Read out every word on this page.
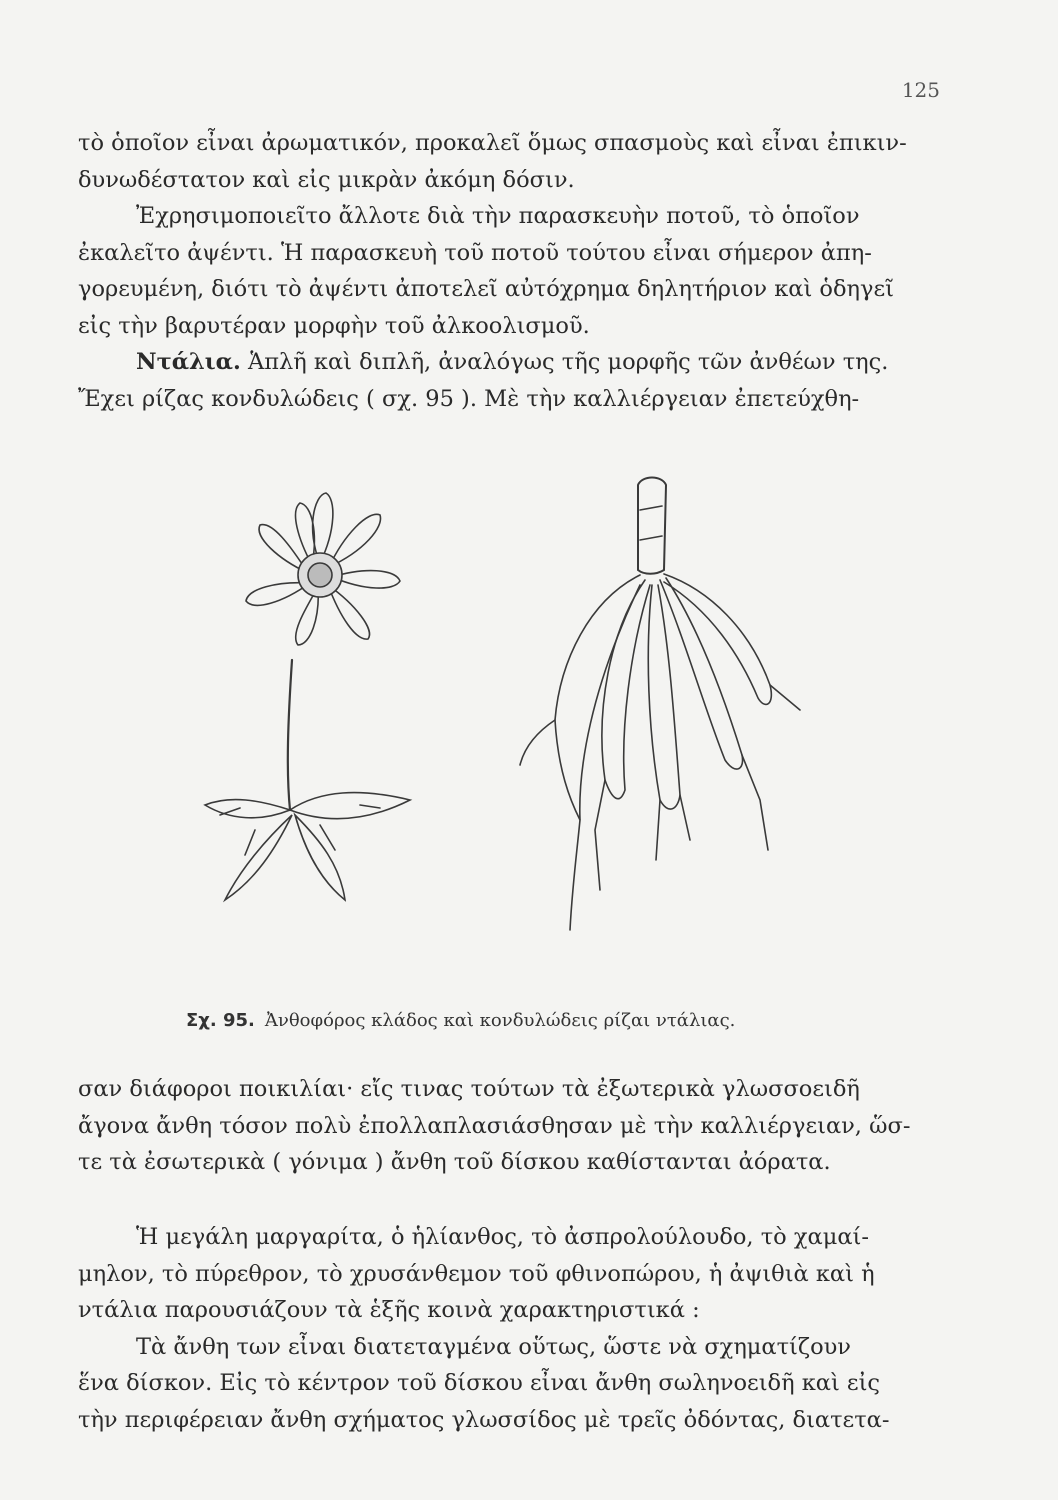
125

τὸ ὁποῖον εἶναι ἀρωματικόν, προκαλεῖ ὅμως σπασμοὺς καὶ εἶναι ἐπικιν-
δυνωδέστατον καὶ εἰς μικρὰν ἀκόμη δόσιν.

Ἐχρησιμοποιεῖτο ἄλλοτε διὰ τὴν παρασκευὴν ποτοῦ, τὸ ὁποῖον
ἐκαλεῖτο ἀψέντι. Ἡ παρασκευὴ τοῦ ποτοῦ τούτου εἶναι σήμερον ἀπη-
γορευμένη, διότι τὸ ἀψέντι ἀποτελεῖ αὐτόχρημα δηλητήριον καὶ ὁδηγεῖ
εἰς τὴν βαρυτέραν μορφὴν τοῦ ἀλκοολισμοῦ.

Ντάλια. Ἁπλῆ καὶ διπλῆ, ἀναλόγως τῆς μορφῆς τῶν ἀνθέων της.
Ἔχει ρίζας κονδυλώδεις ( σχ. 95 ). Μὲ τὴν καλλιέργειαν ἐπετεύχθη-

Σχ. 95. Ἀνθοφόρος κλάδος καὶ κονδυλώδεις ρίζαι ντάλιας.

σαν διάφοροι ποικιλίαι· εἴς τινας τούτων τὰ ἐξωτερικὰ γλωσσοειδῆ
ἄγονα ἄνθη τόσον πολὺ ἐπολλαπλασιάσθησαν μὲ τὴν καλλιέργειαν, ὥσ-
τε τὰ ἐσωτερικὰ ( γόνιμα ) ἄνθη τοῦ δίσκου καθίστανται ἀόρατα.

Ἡ μεγάλη μαργαρίτα, ὁ ἡλίανθος, τὸ ἀσπρολούλουδο, τὸ χαμαί-
μηλον, τὸ πύρεθρον, τὸ χρυσάνθεμον τοῦ φθινοπώρου, ἡ ἀψιθιὰ καὶ ἡ
ντάλια παρουσιάζουν τὰ ἑξῆς κοινὰ χαρακτηριστικά :

Τὰ ἄνθη των εἶναι διατεταγμένα οὕτως, ὥστε νὰ σχηματίζουν
ἕνα δίσκον. Εἰς τὸ κέντρον τοῦ δίσκου εἶναι ἄνθη σωληνοειδῆ καὶ εἰς
τὴν περιφέρειαν ἄνθη σχήματος γλωσσίδος μὲ τρεῖς ὀδόντας, διατετα-
